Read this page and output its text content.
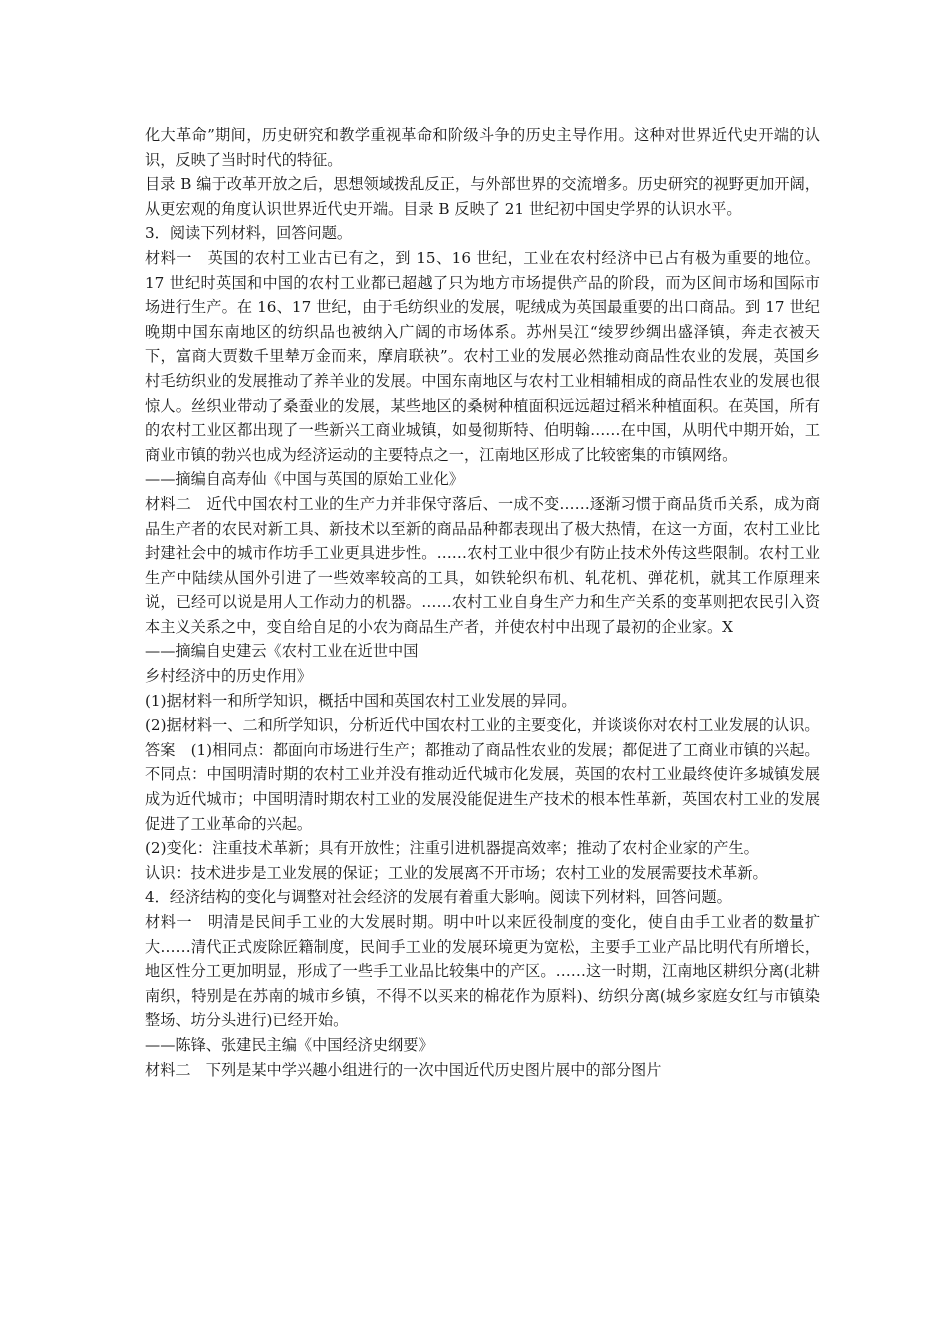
化大革命”期间，历史研究和教学重视革命和阶级斗争的历史主导作用。这种对世界近代史开端的认识，反映了当时时代的特征。

目录 B 编于改革开放之后，思想领域拨乱反正，与外部世界的交流增多。历史研究的视野更加开阔，从更宏观的角度认识世界近代史开端。目录 B 反映了 21 世纪初中国史学界的认识水平。

3．阅读下列材料，回答问题。

材料一　英国的农村工业古已有之，到 15、16 世纪，工业在农村经济中已占有极为重要的地位。17 世纪时英国和中国的农村工业都已超越了只为地方市场提供产品的阶段，而为区间市场和国际市场进行生产。在 16、17 世纪，由于毛纺织业的发展，呢绒成为英国最重要的出口商品。到 17 世纪晚期中国东南地区的纺织品也被纳入广阔的市场体系。苏州吴江“绫罗纱绸出盛泽镇，奔走衣被天下，富商大贾数千里辇万金而来，摩肩联袂”。农村工业的发展必然推动商品性农业的发展，英国乡村毛纺织业的发展推动了养羊业的发展。中国东南地区与农村工业相辅相成的商品性农业的发展也很惊人。丝织业带动了桑蚕业的发展，某些地区的桑树种植面积远远超过稻米种植面积。在英国，所有的农村工业区都出现了一些新兴工商业城镇，如曼彻斯特、伯明翰……在中国，从明代中期开始，工商业市镇的勃兴也成为经济运动的主要特点之一，江南地区形成了比较密集的市镇网络。

——摘编自高寿仙《中国与英国的原始工业化》

材料二　近代中国农村工业的生产力并非保守落后、一成不变……逐渐习惯于商品货币关系，成为商品生产者的农民对新工具、新技术以至新的商品品种都表现出了极大热情，在这一方面，农村工业比封建社会中的城市作坊手工业更具进步性。……农村工业中很少有防止技术外传这些限制。农村工业生产中陆续从国外引进了一些效率较高的工具，如铁轮织布机、轧花机、弹花机，就其工作原理来说，已经可以说是用人工作动力的机器。……农村工业自身生产力和生产关系的变革则把农民引入资本主义关系之中，变自给自足的小农为商品生产者，并使农村中出现了最初的企业家。X

——摘编自史建云《农村工业在近世中国

乡村经济中的历史作用》

(1)据材料一和所学知识，概括中国和英国农村工业发展的异同。

(2)据材料一、二和所学知识，分析近代中国农村工业的主要变化，并谈谈你对农村工业发展的认识。

答案　(1)相同点：都面向市场进行生产；都推动了商品性农业的发展；都促进了工商业市镇的兴起。

不同点：中国明清时期的农村工业并没有推动近代城市化发展，英国的农村工业最终使许多城镇发展成为近代城市；中国明清时期农村工业的发展没能促进生产技术的根本性革新，英国农村工业的发展促进了工业革命的兴起。

(2)变化：注重技术革新；具有开放性；注重引进机器提高效率；推动了农村企业家的产生。

认识：技术进步是工业发展的保证；工业的发展离不开市场；农村工业的发展需要技术革新。

4．经济结构的变化与调整对社会经济的发展有着重大影响。阅读下列材料，回答问题。

材料一　明清是民间手工业的大发展时期。明中叶以来匠役制度的变化，使自由手工业者的数量扩大……清代正式废除匠籍制度，民间手工业的发展环境更为宽松，主要手工业产品比明代有所增长，地区性分工更加明显，形成了一些手工业品比较集中的产区。……这一时期，江南地区耕织分离(北耕南织，特别是在苏南的城市乡镇，不得不以买来的棉花作为原料)、纺织分离(城乡家庭女红与市镇染整场、坊分头进行)已经开始。

——陈锋、张建民主编《中国经济史纲要》

材料二　下列是某中学兴趣小组进行的一次中国近代历史图片展中的部分图片
